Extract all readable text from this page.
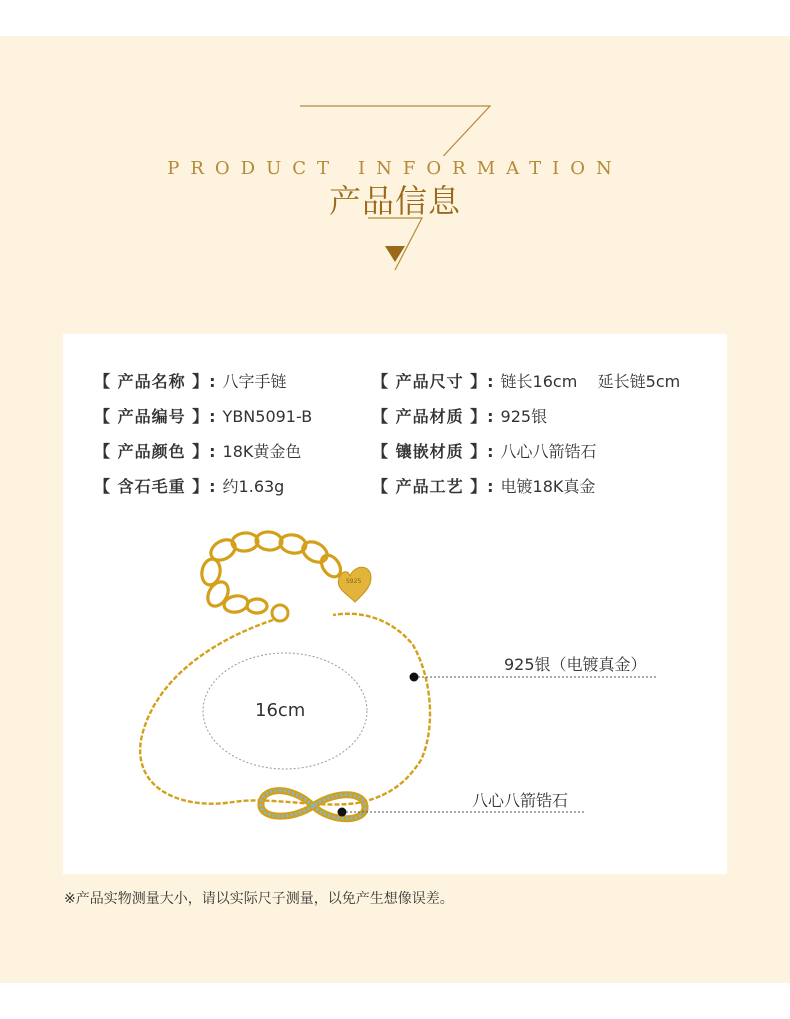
PRODUCT INFORMATION
产品信息
【 产品名称 】: 八字手链	【 产品尺寸 】: 链长16cm    延长链5cm
【 产品编号 】: YBN5091-B	【 产品材质 】: 925银
【 产品颜色 】: 18K黄金色	【 镶嵌材质 】: 八心八箭锆石
【 含石毛重 】: 约1.63g	【 产品工艺 】: 电镀18K真金
S925
16cm
925银（电镀真金）
八心八箭锆石
※产品实物测量大小，请以实际尺子测量，以免产生想像误差。
